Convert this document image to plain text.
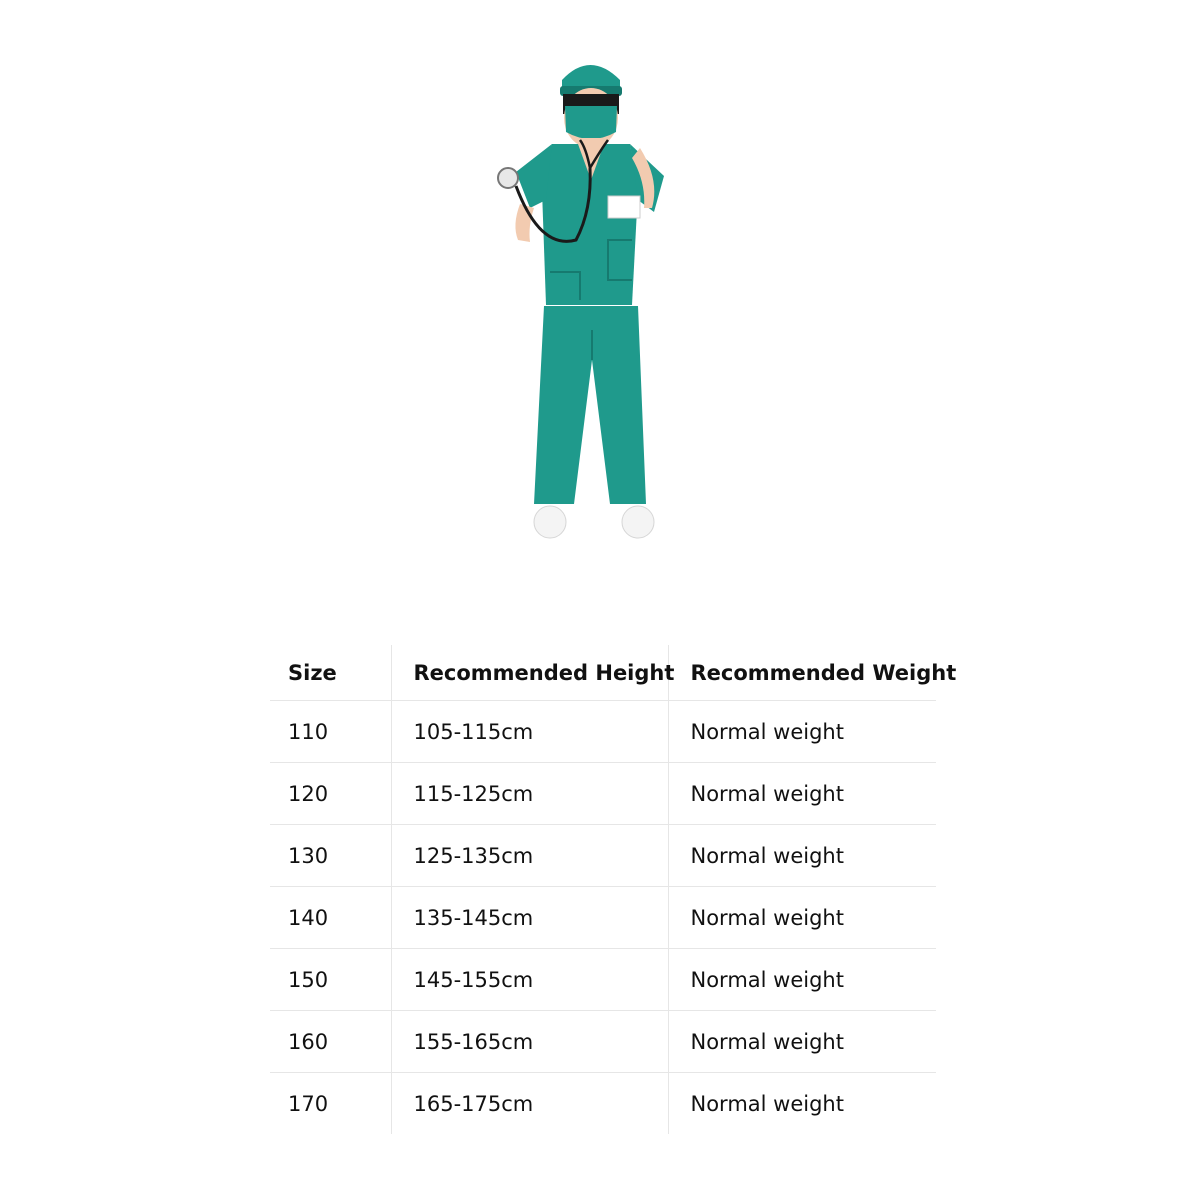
Size	Recommended Height	Recommended Weight
110	105-115cm	Normal weight
120	115-125cm	Normal weight
130	125-135cm	Normal weight
140	135-145cm	Normal weight
150	145-155cm	Normal weight
160	155-165cm	Normal weight
170	165-175cm	Normal weight
